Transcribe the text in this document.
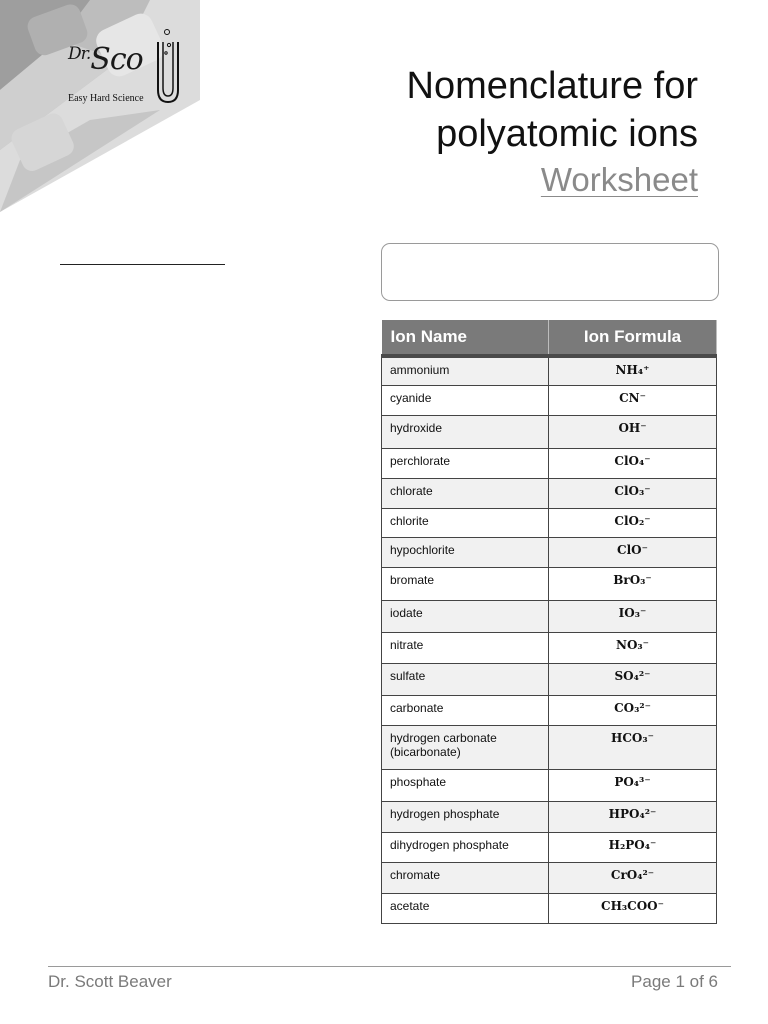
$^{Dr.}$Sco
Easy Hard Science	Nomenclature for
polyatomic ions
Worksheet
Ion Name	Ion Formula
ammonium	NH₄⁺
cyanide	CN⁻
hydroxide	OH⁻
perchlorate	ClO₄⁻
chlorate	ClO₃⁻
chlorite	ClO₂⁻
hypochlorite	ClO⁻
bromate	BrO₃⁻
iodate	IO₃⁻
nitrate	NO₃⁻
sulfate	SO₄²⁻
carbonate	CO₃²⁻
hydrogen carbonate
(bicarbonate)	HCO₃⁻
phosphate	PO₄³⁻
hydrogen phosphate	HPO₄²⁻
dihydrogen phosphate	H₂PO₄⁻
chromate	CrO₄²⁻
acetate	CH₃COO⁻
Dr. Scott Beaver	Page 1 of 6
